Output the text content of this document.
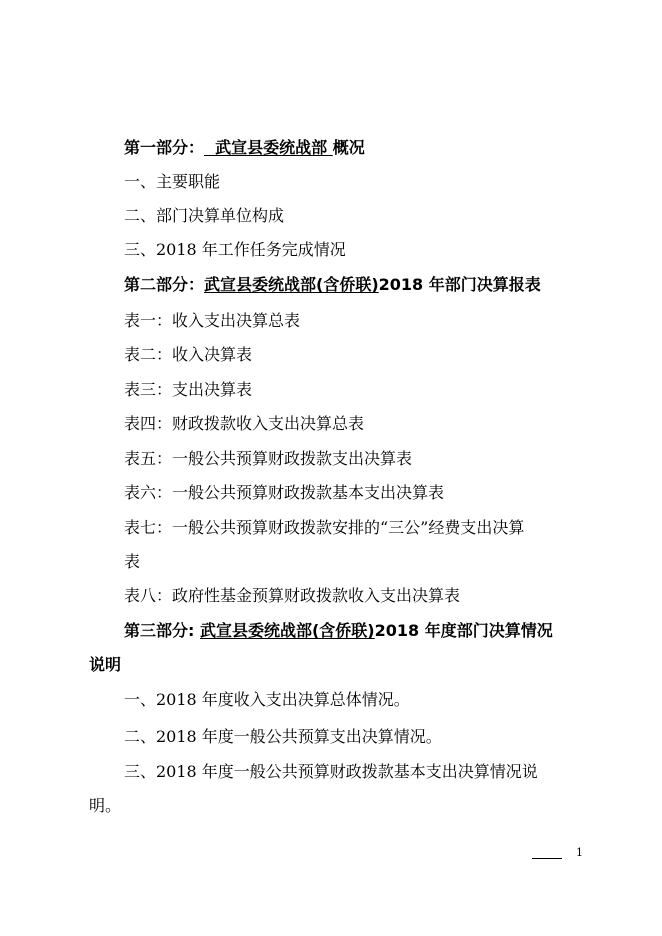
第一部分：  武宣县委统战部 概况
一、主要职能
二、部门决算单位构成
三、2018 年工作任务完成情况
第二部分：武宣县委统战部(含侨联)2018 年部门决算报表
表一：收入支出决算总表
表二：收入决算表
表三：支出决算表
表四：财政拨款收入支出决算总表
表五：一般公共预算财政拨款支出决算表
表六：一般公共预算财政拨款基本支出决算表
表七：一般公共预算财政拨款安排的“三公”经费支出决算
表
表八：政府性基金预算财政拨款收入支出决算表
第三部分: 武宣县委统战部(含侨联)2018 年度部门决算情况
说明
一、2018 年度收入支出决算总体情况。
二、2018 年度一般公共预算支出决算情况。
三、2018 年度一般公共预算财政拨款基本支出决算情况说
明。
1
